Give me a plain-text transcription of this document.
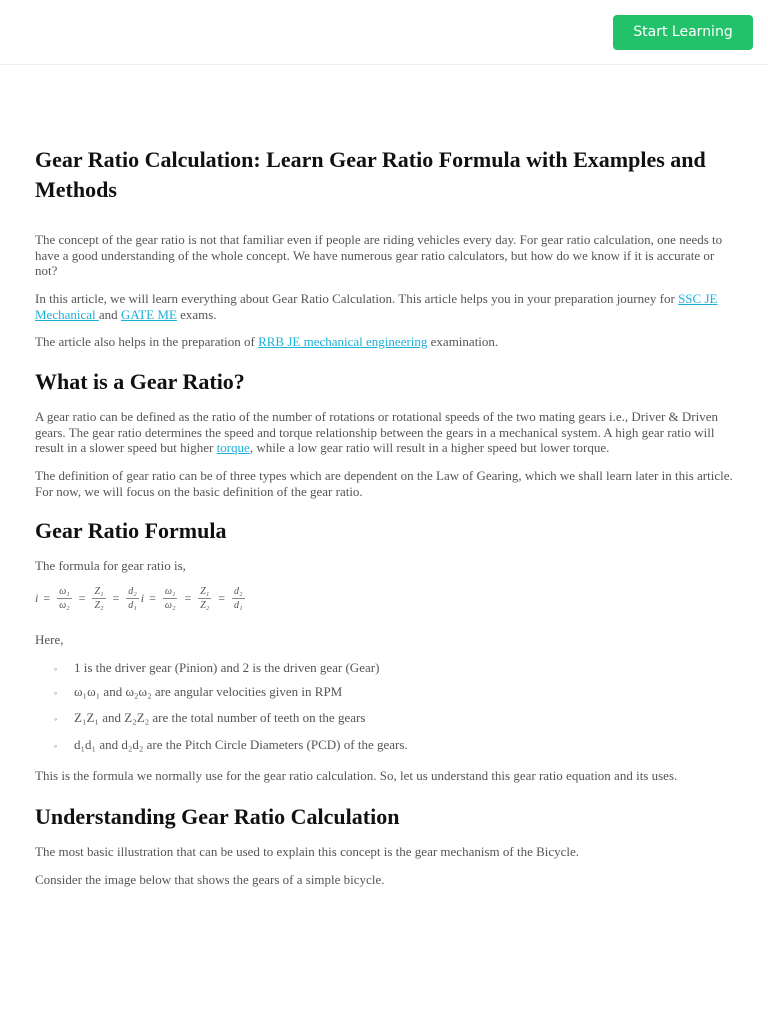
Start Learning
Gear Ratio Calculation: Learn Gear Ratio Formula with Examples and Methods

The concept of the gear ratio is not that familiar even if people are riding vehicles every day. For gear ratio calculation, one needs to have a good understanding of the whole concept. We have numerous gear ratio calculators, but how do we know if it is accurate or not?

In this article, we will learn everything about Gear Ratio Calculation. This article helps you in your preparation journey for SSC JE Mechanical and GATE ME exams.

The article also helps in the preparation of RRB JE mechanical engineering examination.

What is a Gear Ratio?

A gear ratio can be defined as the ratio of the number of rotations or rotational speeds of the two mating gears i.e., Driver & Driven gears. The gear ratio determines the speed and torque relationship between the gears in a mechanical system. A high gear ratio will result in a slower speed but higher torque, while a low gear ratio will result in a higher speed but lower torque.

The definition of gear ratio can be of three types which are dependent on the Law of Gearing, which we shall learn later in this article. For now, we will focus on the basic definition of the gear ratio.

Gear Ratio Formula

The formula for gear ratio is,

$i = \frac{\text{ω₁}}{\text{ω₂}} = \frac{\text{Z₁}}{\text{Z₂}} = \frac{\text{d₂}}{\text{d₁}}$ $i = \frac{\text{ω₁}}{\text{ω₂}} = \frac{\text{Z₁}}{\text{Z₂}} = \frac{\text{d₂}}{\text{d₁}}$

Here,

◦ 1 is the driver gear (Pinion) and 2 is the driven gear (Gear)
◦ ω₁ω₁ and ω₂ω₂ are angular velocities given in RPM
◦ Z₁Z₁ and Z₂Z₂ are the total number of teeth on the gears
◦ d₁d₁ and d₂d₂ are the Pitch Circle Diameters (PCD) of the gears.

This is the formula we normally use for the gear ratio calculation. So, let us understand this gear ratio equation and its uses.

Understanding Gear Ratio Calculation

The most basic illustration that can be used to explain this concept is the gear mechanism of the Bicycle.

Consider the image below that shows the gears of a simple bicycle.
